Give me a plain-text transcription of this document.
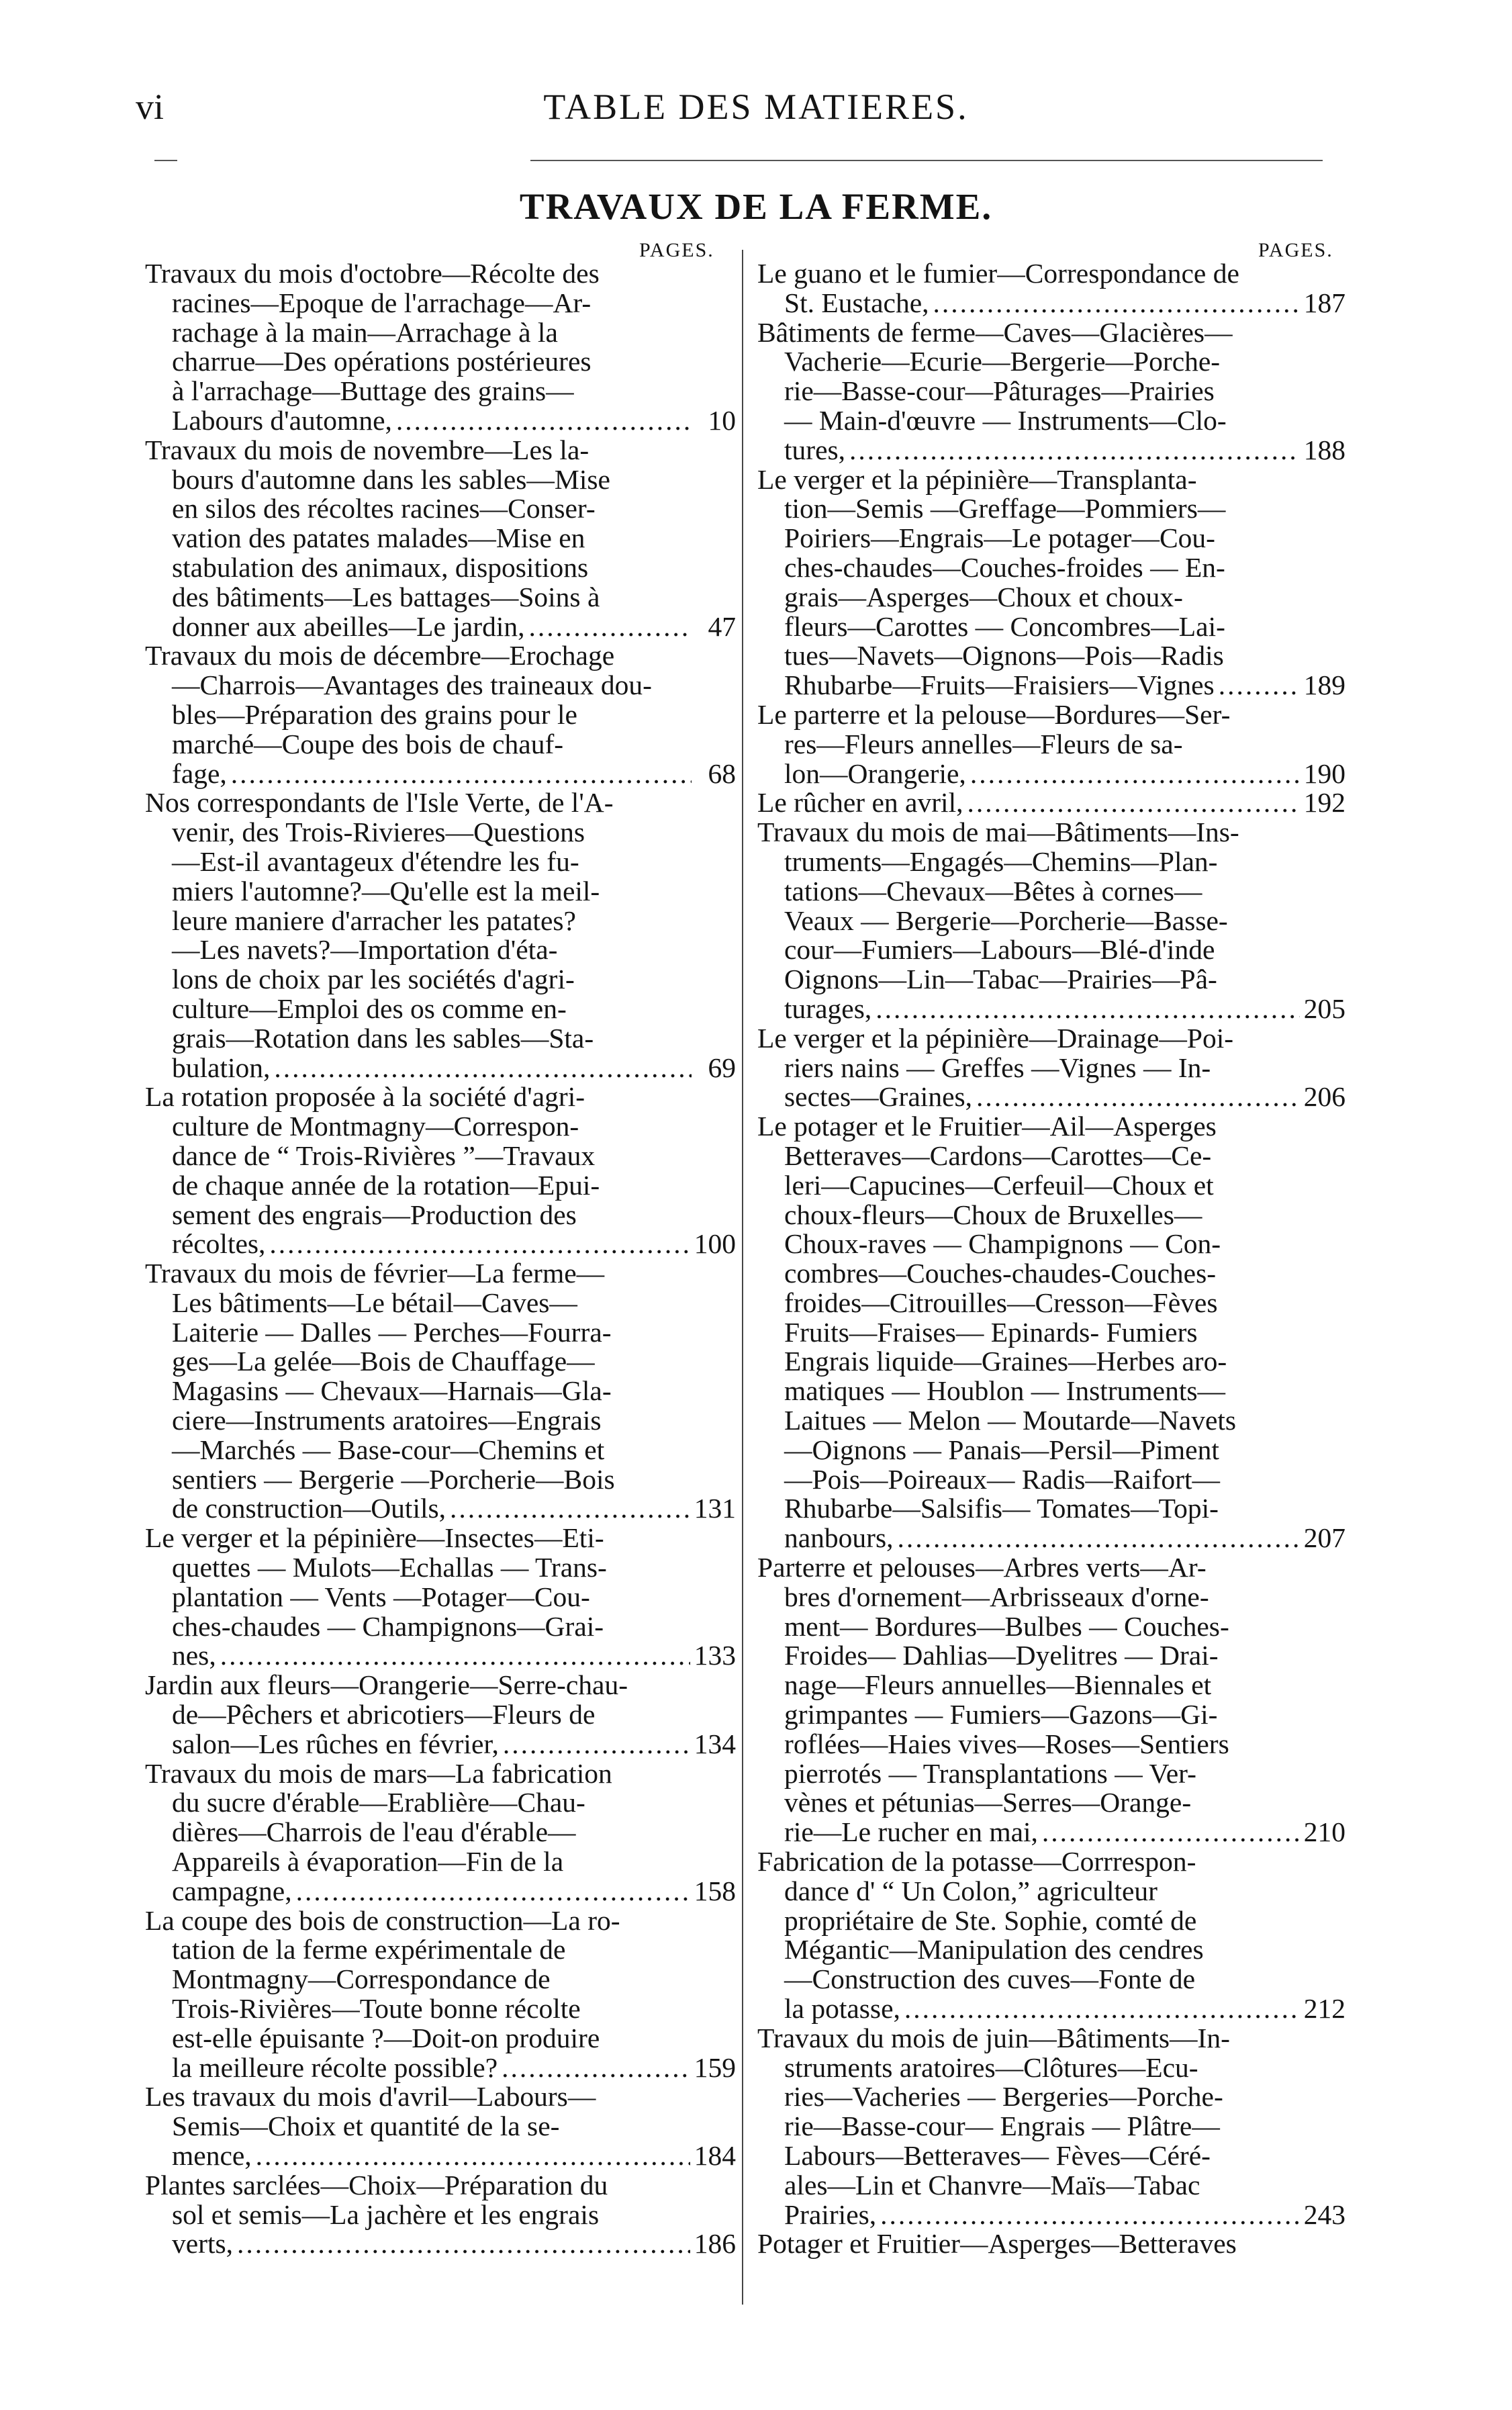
vi	TABLE DES MATIERES.
TRAVAUX DE LA FERME.
PAGES.	PAGES.
Travaux du mois d'octobre—Récolte des
racines—Epoque de l'arrachage—Ar-
rachage à la main—Arrachage à la
charrue—Des opérations postérieures
à l'arrachage—Buttage des grains—
Labours d'automne, .....	10
Travaux du mois de novembre—Les la-
bours d'automne dans les sables—Mise
en silos des récoltes racines—Conser-
vation des patates malades—Mise en
stabulation des animaux, dispositions
des bâtiments—Les battages—Soins à
donner aux abeilles—Le jardin, .....	47
Travaux du mois de décembre—Erochage
—Charrois—Avantages des traineaux dou-
bles—Préparation des grains pour le
marché—Coupe des bois de chauf-
fage, .....	68
Nos correspondants de l'Isle Verte, de l'A-
venir, des Trois-Rivieres—Questions
—Est-il avantageux d'étendre les fu-
miers l'automne?—Qu'elle est la meil-
leure maniere d'arracher les patates?
—Les navets?—Importation d'éta-
lons de choix par les sociétés d'agri-
culture—Emploi des os comme en-
grais—Rotation dans les sables—Sta-
bulation, .....	69
La rotation proposée à la société d'agri-
culture de Montmagny—Correspon-
dance de “ Trois-Rivières ”—Travaux
de chaque année de la rotation—Epui-
sement des engrais—Production des
récoltes, .....	100
Travaux du mois de février—La ferme—
Les bâtiments—Le bétail—Caves—
Laiterie — Dalles — Perches—Fourra-
ges—La gelée—Bois de Chauffage—
Magasins — Chevaux—Harnais—Gla-
ciere—Instruments aratoires—Engrais
—Marchés — Base-cour—Chemins et
sentiers — Bergerie —Porcherie—Bois
de construction—Outils, .....	131
Le verger et la pépinière—Insectes—Eti-
quettes — Mulots—Echallas — Trans-
plantation — Vents —Potager—Cou-
ches-chaudes — Champignons—Grai-
nes, .....	133
Jardin aux fleurs—Orangerie—Serre-chau-
de—Pêchers et abricotiers—Fleurs de
salon—Les rûches en février, .....	134
Travaux du mois de mars—La fabrication
du sucre d'érable—Erablière—Chau-
dières—Charrois de l'eau d'érable—
Appareils à évaporation—Fin de la
campagne, .....	158
La coupe des bois de construction—La ro-
tation de la ferme expérimentale de
Montmagny—Correspondance de
Trois-Rivières—Toute bonne récolte
est-elle épuisante ?—Doit-on produire
la meilleure récolte possible? .....	159
Les travaux du mois d'avril—Labours—
Semis—Choix et quantité de la se-
mence, .....	184
Plantes sarclées—Choix—Préparation du
sol et semis—La jachère et les engrais
verts, .....	186
Le guano et le fumier—Correspondance de
St. Eustache, .....	187
Bâtiments de ferme—Caves—Glacières—
Vacherie—Ecurie—Bergerie—Porche-
rie—Basse-cour—Pâturages—Prairies
— Main-d'œuvre — Instruments—Clo-
tures, .....	188
Le verger et la pépinière—Transplanta-
tion—Semis —Greffage—Pommiers—
Poiriers—Engrais—Le potager—Cou-
ches-chaudes—Couches-froides — En-
grais—Asperges—Choux et choux-
fleurs—Carottes — Concombres—Lai-
tues—Navets—Oignons—Pois—Radis
Rhubarbe—Fruits—Fraisiers—Vignes .....	189
Le parterre et la pelouse—Bordures—Ser-
res—Fleurs annelles—Fleurs de sa-
lon—Orangerie, .....	190
Le rûcher en avril, .....	192
Travaux du mois de mai—Bâtiments—Ins-
truments—Engagés—Chemins—Plan-
tations—Chevaux—Bêtes à cornes—
Veaux — Bergerie—Porcherie—Basse-
cour—Fumiers—Labours—Blé-d'inde
Oignons—Lin—Tabac—Prairies—Pâ-
turages, .....	205
Le verger et la pépinière—Drainage—Poi-
riers nains — Greffes —Vignes — In-
sectes—Graines, .....	206
Le potager et le Fruitier—Ail—Asperges
Betteraves—Cardons—Carottes—Ce-
leri—Capucines—Cerfeuil—Choux et
choux-fleurs—Choux de Bruxelles—
Choux-raves — Champignons — Con-
combres—Couches-chaudes-Couches-
froides—Citrouilles—Cresson—Fèves
Fruits—Fraises— Epinards- Fumiers
Engrais liquide—Graines—Herbes aro-
matiques — Houblon — Instruments—
Laitues — Melon — Moutarde—Navets
—Oignons — Panais—Persil—Piment
—Pois—Poireaux— Radis—Raifort—
Rhubarbe—Salsifis— Tomates—Topi-
nanbours, .....	207
Parterre et pelouses—Arbres verts—Ar-
bres d'ornement—Arbrisseaux d'orne-
ment— Bordures—Bulbes — Couches-
Froides— Dahlias—Dyelitres — Drai-
nage—Fleurs annuelles—Biennales et
grimpantes — Fumiers—Gazons—Gi-
roflées—Haies vives—Roses—Sentiers
pierrotés — Transplantations — Ver-
vènes et pétunias—Serres—Orange-
rie—Le rucher en mai, .....	210
Fabrication de la potasse—Corrrespon-
dance d' “ Un Colon,” agriculteur
propriétaire de Ste. Sophie, comté de
Mégantic—Manipulation des cendres
—Construction des cuves—Fonte de
la potasse, .....	212
Travaux du mois de juin—Bâtiments—In-
struments aratoires—Clôtures—Ecu-
ries—Vacheries — Bergeries—Porche-
rie—Basse-cour— Engrais — Plâtre—
Labours—Betteraves— Fèves—Céré-
ales—Lin et Chanvre—Maïs—Tabac
Prairies, .....	243
Potager et Fruitier—Asperges—Betteraves
